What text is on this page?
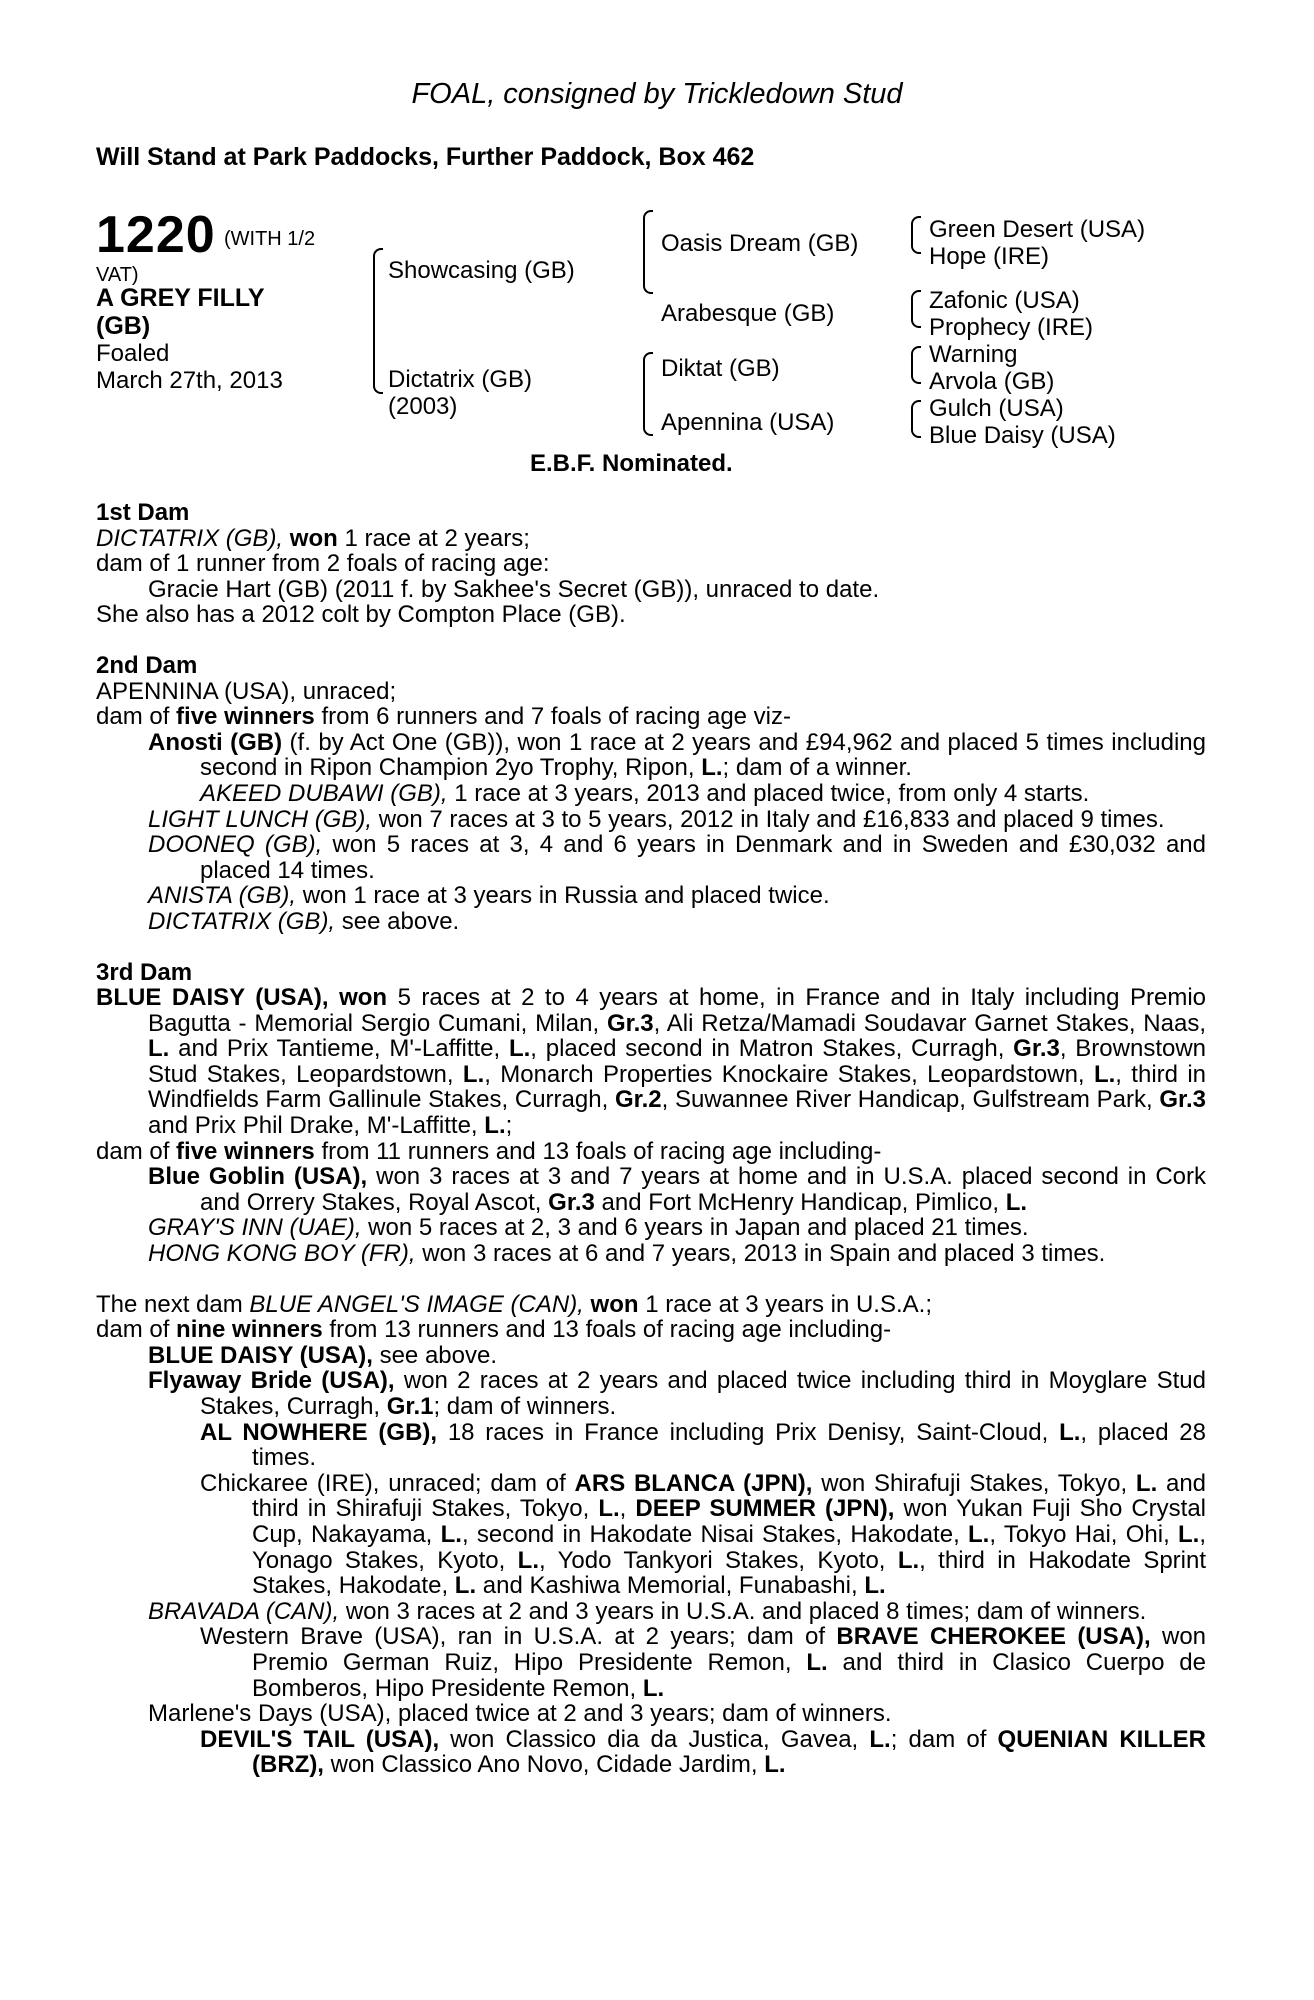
FOAL, consigned by Trickledown Stud
Will Stand at Park Paddocks, Further Paddock, Box 462
1220 (WITH 1/2
VAT)
A GREY FILLY
(GB)
Foaled
March 27th, 2013
Showcasing (GB)
Dictatrix (GB)
(2003)
Oasis Dream (GB)
Arabesque (GB)
Diktat (GB)
Apennina (USA)
Green Desert (USA)
Hope (IRE)
Zafonic (USA)
Prophecy (IRE)
Warning
Arvola (GB)
Gulch (USA)
Blue Daisy (USA)
E.B.F. Nominated.

1st Dam

DICTATRIX (GB), won 1 race at 2 years;

dam of 1 runner from 2 foals of racing age:

Gracie Hart (GB) (2011 f. by Sakhee's Secret (GB)), unraced to date.

She also has a 2012 colt by Compton Place (GB).

2nd Dam

APENNINA (USA), unraced;

dam of five winners from 6 runners and 7 foals of racing age viz-

Anosti (GB) (f. by Act One (GB)), won 1 race at 2 years and £94,962 and placed 5 times including second in Ripon Champion 2yo Trophy, Ripon, L.; dam of a winner.

AKEED DUBAWI (GB), 1 race at 3 years, 2013 and placed twice, from only 4 starts.

LIGHT LUNCH (GB), won 7 races at 3 to 5 years, 2012 in Italy and £16,833 and placed 9 times.

DOONEQ (GB), won 5 races at 3, 4 and 6 years in Denmark and in Sweden and £30,032 and placed 14 times.

ANISTA (GB), won 1 race at 3 years in Russia and placed twice.

DICTATRIX (GB), see above.

3rd Dam

BLUE DAISY (USA), won 5 races at 2 to 4 years at home, in France and in Italy including Premio Bagutta - Memorial Sergio Cumani, Milan, Gr.3, Ali Retza/Mamadi Soudavar Garnet Stakes, Naas, L. and Prix Tantieme, M'-Laffitte, L., placed second in Matron Stakes, Curragh, Gr.3, Brownstown Stud Stakes, Leopardstown, L., Monarch Properties Knockaire Stakes, Leopardstown, L., third in Windfields Farm Gallinule Stakes, Curragh, Gr.2, Suwannee River Handicap, Gulfstream Park, Gr.3 and Prix Phil Drake, M'-Laffitte, L.;

dam of five winners from 11 runners and 13 foals of racing age including-

Blue Goblin (USA), won 3 races at 3 and 7 years at home and in U.S.A. placed second in Cork and Orrery Stakes, Royal Ascot, Gr.3 and Fort McHenry Handicap, Pimlico, L.

GRAY'S INN (UAE), won 5 races at 2, 3 and 6 years in Japan and placed 21 times.

HONG KONG BOY (FR), won 3 races at 6 and 7 years, 2013 in Spain and placed 3 times.

The next dam BLUE ANGEL'S IMAGE (CAN), won 1 race at 3 years in U.S.A.;

dam of nine winners from 13 runners and 13 foals of racing age including-

BLUE DAISY (USA), see above.

Flyaway Bride (USA), won 2 races at 2 years and placed twice including third in Moyglare Stud Stakes, Curragh, Gr.1; dam of winners.

AL NOWHERE (GB), 18 races in France including Prix Denisy, Saint-Cloud, L., placed 28 times.

Chickaree (IRE), unraced; dam of ARS BLANCA (JPN), won Shirafuji Stakes, Tokyo, L. and third in Shirafuji Stakes, Tokyo, L., DEEP SUMMER (JPN), won Yukan Fuji Sho Crystal Cup, Nakayama, L., second in Hakodate Nisai Stakes, Hakodate, L., Tokyo Hai, Ohi, L., Yonago Stakes, Kyoto, L., Yodo Tankyori Stakes, Kyoto, L., third in Hakodate Sprint Stakes, Hakodate, L. and Kashiwa Memorial, Funabashi, L.

BRAVADA (CAN), won 3 races at 2 and 3 years in U.S.A. and placed 8 times; dam of winners.

Western Brave (USA), ran in U.S.A. at 2 years; dam of BRAVE CHEROKEE (USA), won Premio German Ruiz, Hipo Presidente Remon, L. and third in Clasico Cuerpo de Bomberos, Hipo Presidente Remon, L.

Marlene's Days (USA), placed twice at 2 and 3 years; dam of winners.

DEVIL'S TAIL (USA), won Classico dia da Justica, Gavea, L.; dam of QUENIAN KILLER (BRZ), won Classico Ano Novo, Cidade Jardim, L.
